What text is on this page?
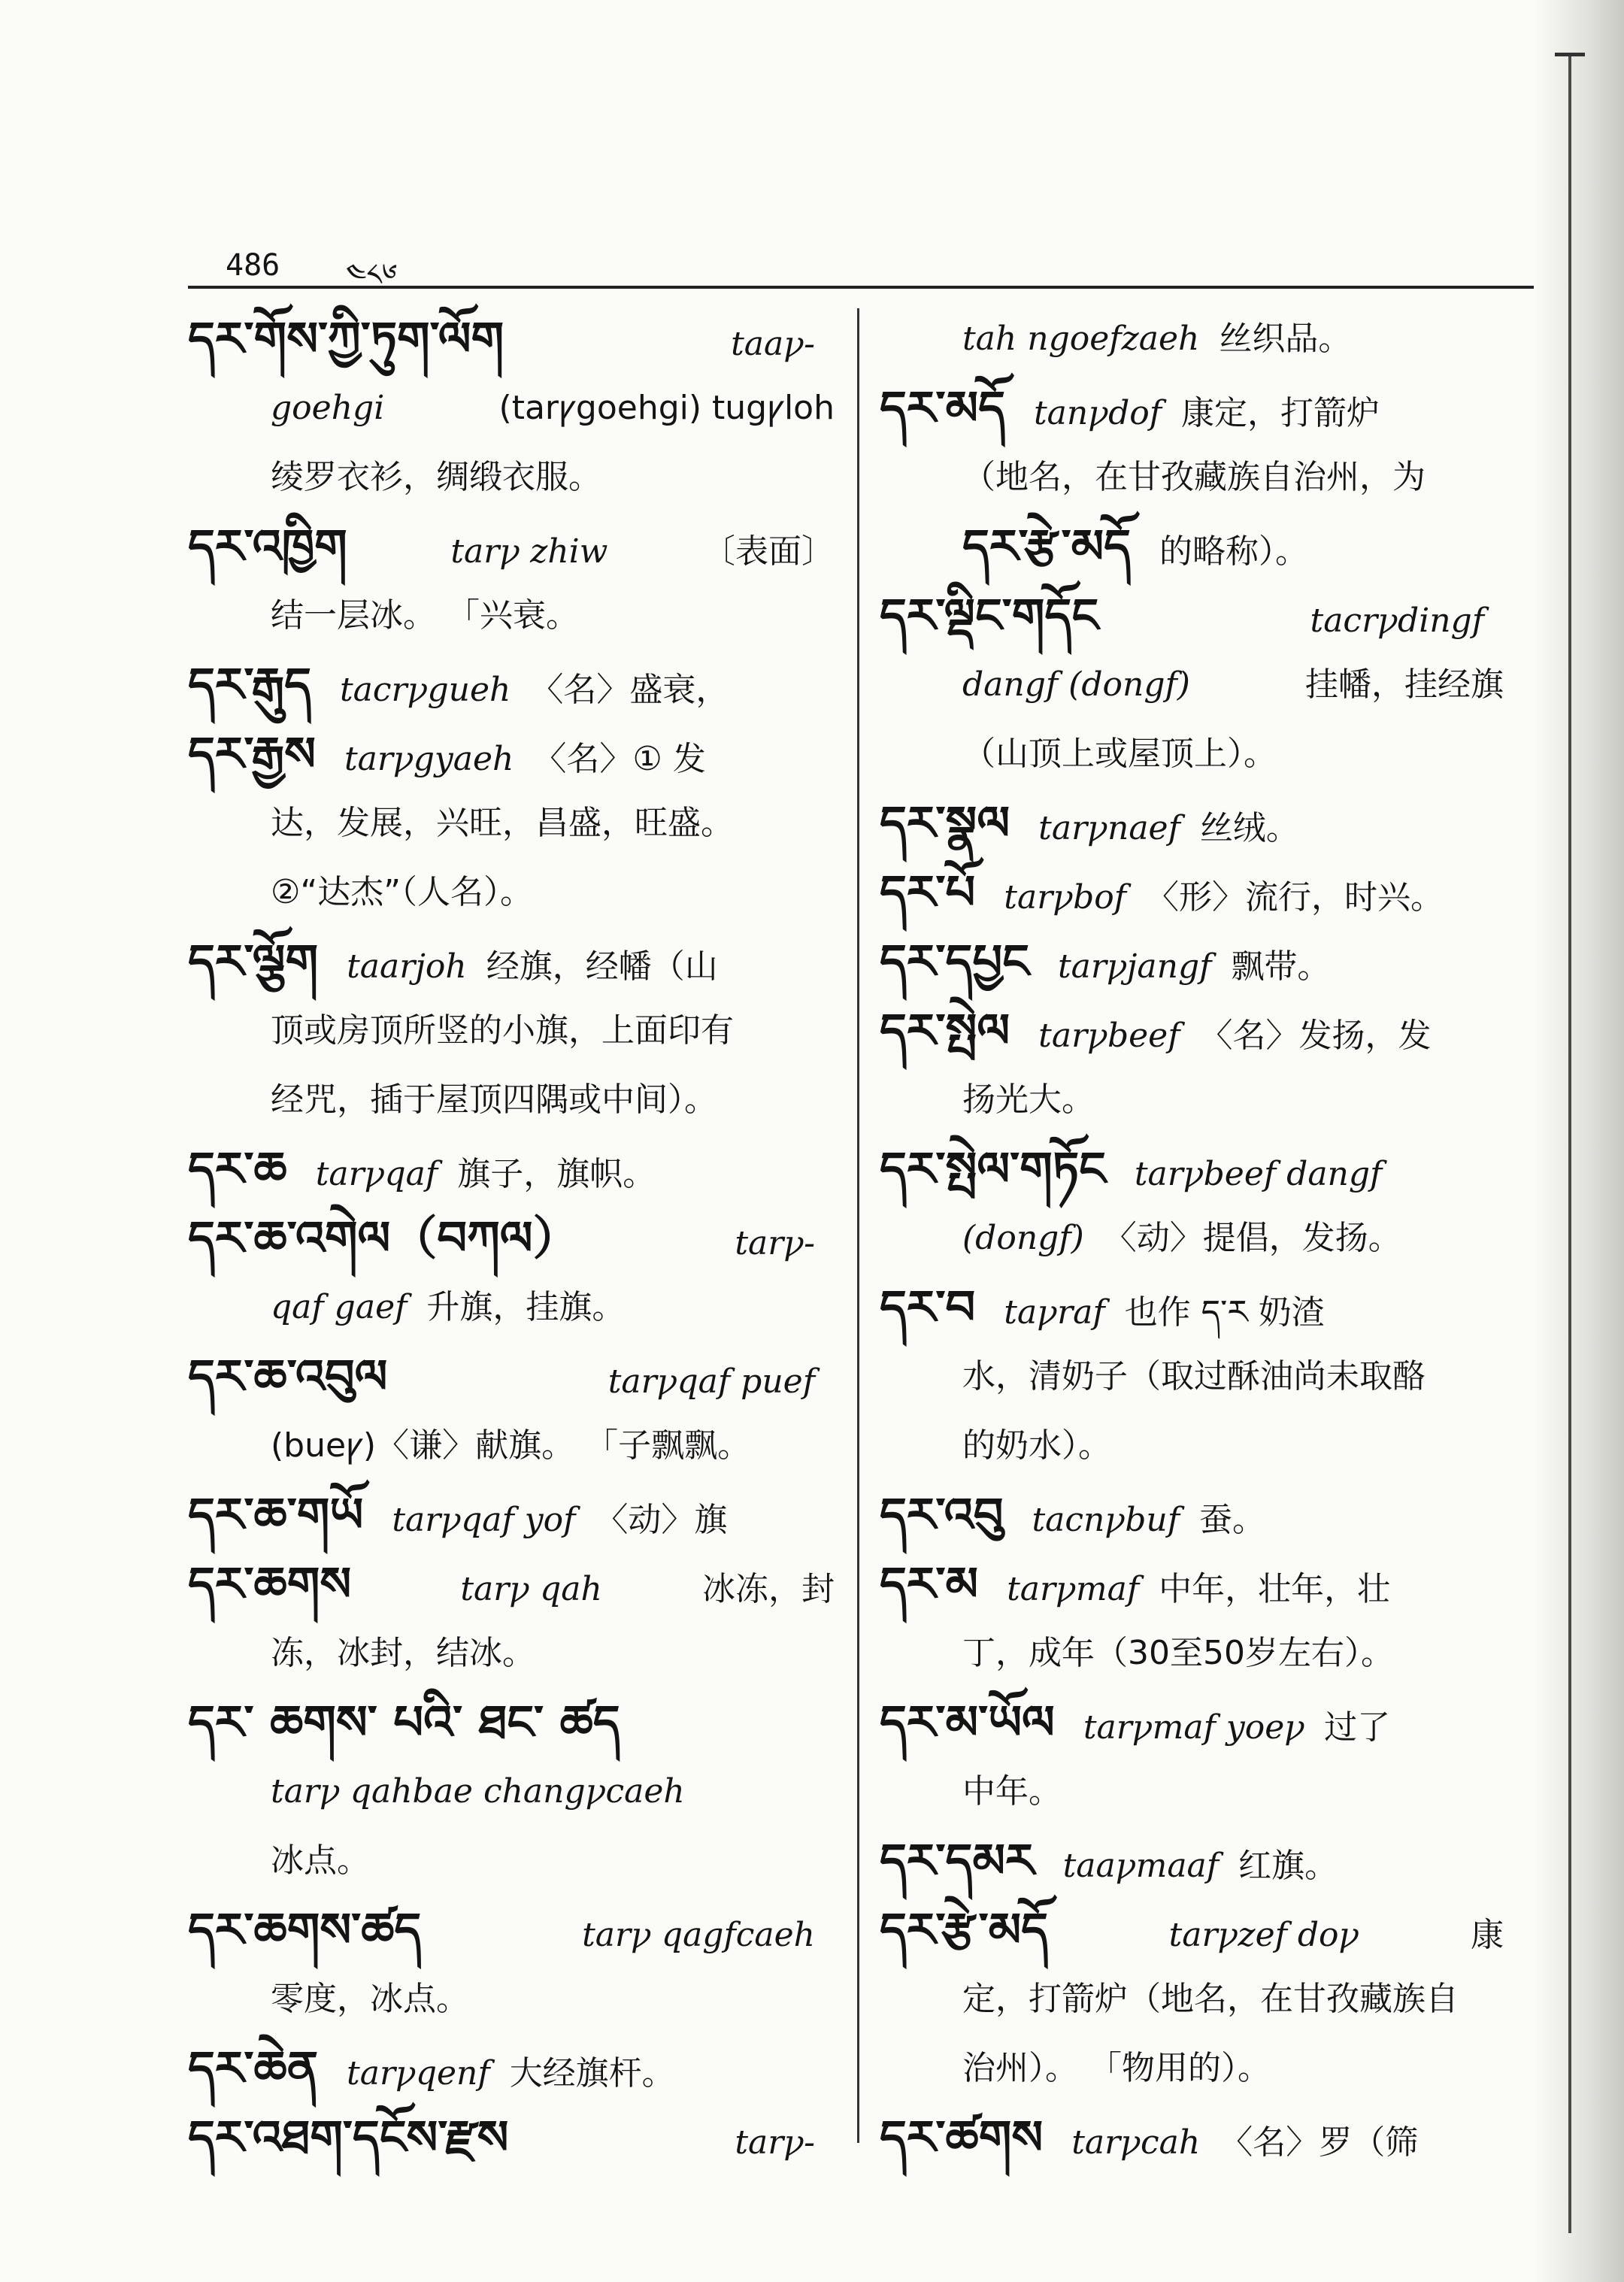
486 ༤༨༦
དར་གོས་ཀྱི་ཏུག་ལོག	taaꝩ-
goehgi	(tarꝩgoehgi) tugꝩloh
绫罗衣衫，绸缎衣服。
དར་འཁྱིག	tarꝩ zhiw	〔表面〕
结一层冰。 「兴衰。
དར་རྒུད tacrꝩgueh 〈名〉盛衰，
དར་རྒྱས tarꝩgyaeh 〈名〉① 发
达，发展，兴旺，昌盛，旺盛。
②“达杰”（人名）。
དར་ལྕོག taarjoh 经旗，经幡（山
顶或房顶所竖的小旗，上面印有
经咒，插于屋顶四隅或中间）。
དར་ཆ tarꝩqaf 旗子，旗帜。
དར་ཆ་འགེལ（བཀལ）	tarꝩ-
qaf gaef 升旗，挂旗。
དར་ཆ་འབུལ	tarꝩqaf puef
(bueꝩ)〈谦〉献旗。 「子飘飘。
དར་ཆ་གཡོ tarꝩqaf yof 〈动〉旗
དར་ཆགས	tarꝩ qah	冰冻，封
冻，冰封，结冰。
དར་ ཆགས་ པའི་ ཐང་ ཚད
tarꝩ qahbae changꝩcaeh
冰点。
དར་ཆགས་ཚད	tarꝩ qagfcaeh
零度，冰点。
དར་ཆེན tarꝩqenf 大经旗杆。
དར་འཐག་དངོས་རྫས	tarꝩ-
tah ngoefzaeh 丝织品。
དར་མདོ tanꝩdof 康定，打箭炉
（地名，在甘孜藏族自治州，为
དར་རྩེ་མདོ 的略称）。
དར་ལྡིང་གདོང	tacrꝩdingf
dangf (dongf)	挂幡，挂经旗
（山顶上或屋顶上）。
དར་སྣལ tarꝩnaef 丝绒。
དར་པོ tarꝩbof 〈形〉流行，时兴。
དར་དཔྱང tarꝩjangf 飘带。
དར་སྤེལ tarꝩbeef 〈名〉发扬，发
扬光大。
དར་སྤེལ་གཏོང tarꝩbeef dangf
(dongf) 〈动〉提倡，发扬。
དར་བ taꝩraf 也作 ད་ར 奶渣
水，清奶子（取过酥油尚未取酪
的奶水）。
དར་འབུ tacnꝩbuf 蚕。
དར་མ tarꝩmaf 中年，壮年，壮
丁，成年（30至50岁左右）。
དར་མ་ཡོལ tarꝩmaf yoeꝩ 过了
中年。
དར་དམར taaꝩmaaf 红旗。
དར་རྩེ་མདོ	tarꝩzef doꝩ	康
定，打箭炉（地名，在甘孜藏族自
治州）。 「物用的）。
དར་ཚགས tarꝩcah 〈名〉罗（筛
